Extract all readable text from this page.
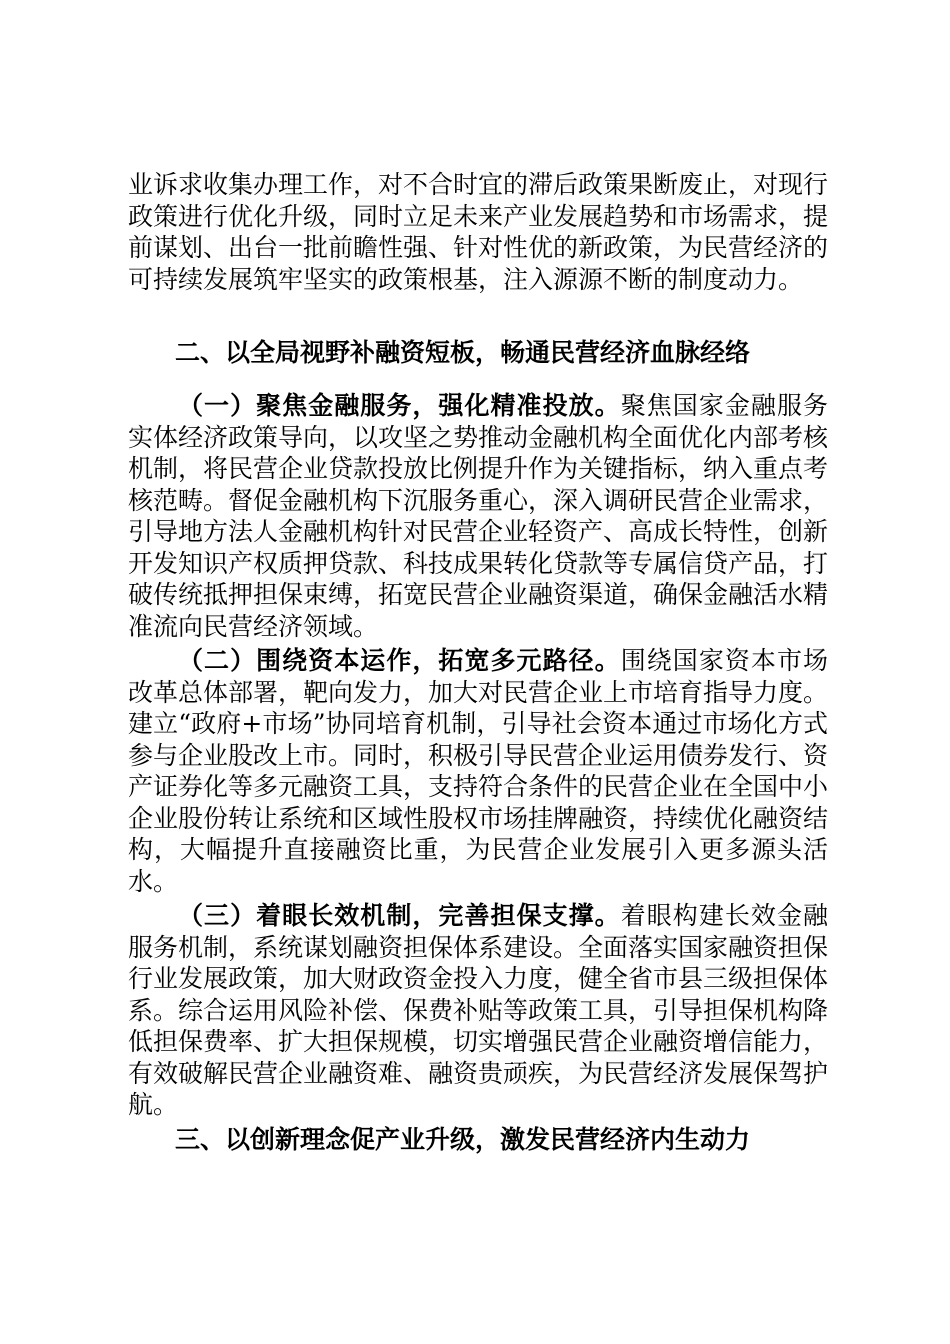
业诉求收集办理工作，对不合时宜的滞后政策果断废止，对现行政策进行优化升级，同时立足未来产业发展趋势和市场需求，提前谋划、出台一批前瞻性强、针对性优的新政策，为民营经济的可持续发展筑牢坚实的政策根基，注入源源不断的制度动力。

二、以全局视野补融资短板，畅通民营经济血脉经络

（一）聚焦金融服务，强化精准投放。聚焦国家金融服务实体经济政策导向，以攻坚之势推动金融机构全面优化内部考核机制，将民营企业贷款投放比例提升作为关键指标，纳入重点考核范畴。督促金融机构下沉服务重心，深入调研民营企业需求，引导地方法人金融机构针对民营企业轻资产、高成长特性，创新开发知识产权质押贷款、科技成果转化贷款等专属信贷产品，打破传统抵押担保束缚，拓宽民营企业融资渠道，确保金融活水精准流向民营经济领域。

（二）围绕资本运作，拓宽多元路径。围绕国家资本市场改革总体部署，靶向发力，加大对民营企业上市培育指导力度。建立“政府+市场”协同培育机制，引导社会资本通过市场化方式参与企业股改上市。同时，积极引导民营企业运用债券发行、资产证券化等多元融资工具，支持符合条件的民营企业在全国中小企业股份转让系统和区域性股权市场挂牌融资，持续优化融资结构，大幅提升直接融资比重，为民营企业发展引入更多源头活水。

（三）着眼长效机制，完善担保支撑。着眼构建长效金融服务机制，系统谋划融资担保体系建设。全面落实国家融资担保行业发展政策，加大财政资金投入力度，健全省市县三级担保体系。综合运用风险补偿、保费补贴等政策工具，引导担保机构降低担保费率、扩大担保规模，切实增强民营企业融资增信能力，有效破解民营企业融资难、融资贵顽疾，为民营经济发展保驾护航。

三、以创新理念促产业升级，激发民营经济内生动力
